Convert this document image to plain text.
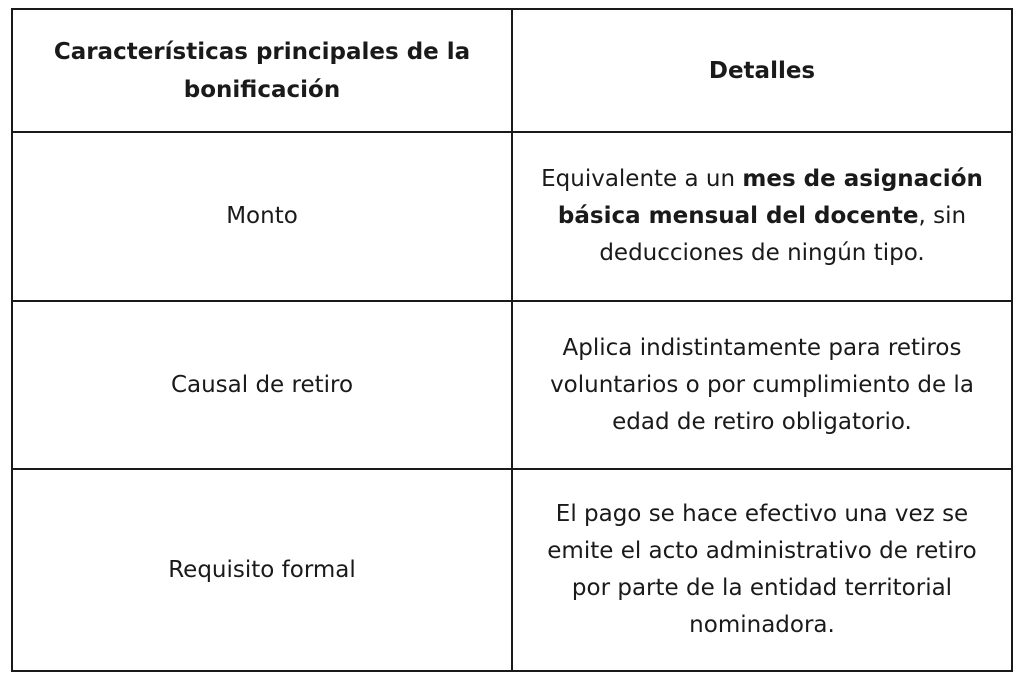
Características principales de la bonificación	Detalles
Monto	Equivalente a un mes de asignación básica mensual del docente, sin deducciones de ningún tipo.
Causal de retiro	Aplica indistintamente para retiros voluntarios o por cumplimiento de la edad de retiro obligatorio.
Requisito formal	El pago se hace efectivo una vez se emite el acto administrativo de retiro por parte de la entidad territorial nominadora.
